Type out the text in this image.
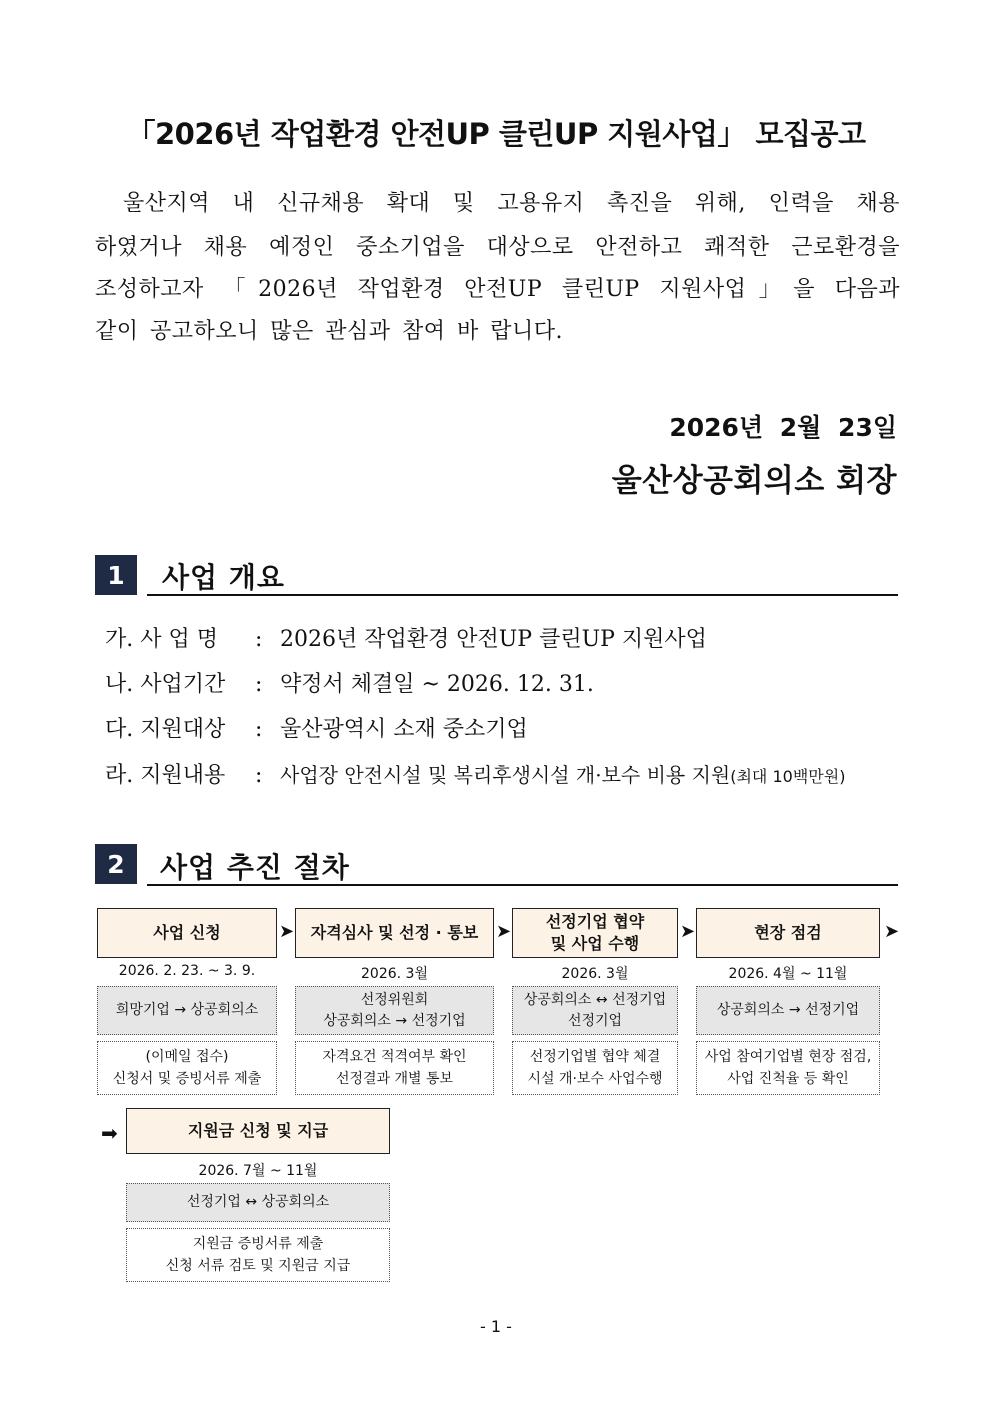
「2026년 작업환경 안전UP 클린UP 지원사업」 모집공고
울산지역 내 신규채용 확대 및 고용유지 촉진을 위해, 인력을 채용
하였거나 채용 예정인 중소기업을 대상으로 안전하고 쾌적한 근로환경을
조성하고자 「2026년 작업환경 안전UP 클린UP 지원사업」을 다음과
같이 공고하오니 많은 관심과 참여 바 랍니다.
2026년 2월 23일
울산상공회의소 회장
1	사업 개요
가. 사 업 명 : 2026년 작업환경 안전UP 클린UP 지원사업
나. 사업기간 : 약정서 체결일 ~ 2026. 12. 31.
다. 지원대상 : 울산광역시 소재 중소기업
라. 지원내용 : 사업장 안전시설 및 복리후생시설 개·보수 비용 지원(최대 10백만원)
2	사업 추진 절차
사업 신청	➤
2026. 2. 23. ~ 3. 9.
희망기업 → 상공회의소
(이메일 접수)
신청서 및 증빙서류 제출
자격심사 및 선정 · 통보 ➤
2026. 3월
선정위원회
상공회의소 → 선정기업
자격요건 적격여부 확인
선정결과 개별 통보
선정기업 협약
및 사업 수행
➤
2026. 3월
상공회의소 ↔ 선정기업
선정기업
선정기업별 협약 체결
시설 개·보수 사업수행
현장 점검	➤
2026. 4월 ~ 11월
상공회의소 → 선정기업
사업 참여기업별 현장 점검,
사업 진척율 등 확인
➡	지원금 신청 및 지급
2026. 7월 ~ 11월
선정기업 ↔ 상공회의소
지원금 증빙서류 제출
신청 서류 검토 및 지원금 지급
- 1 -
